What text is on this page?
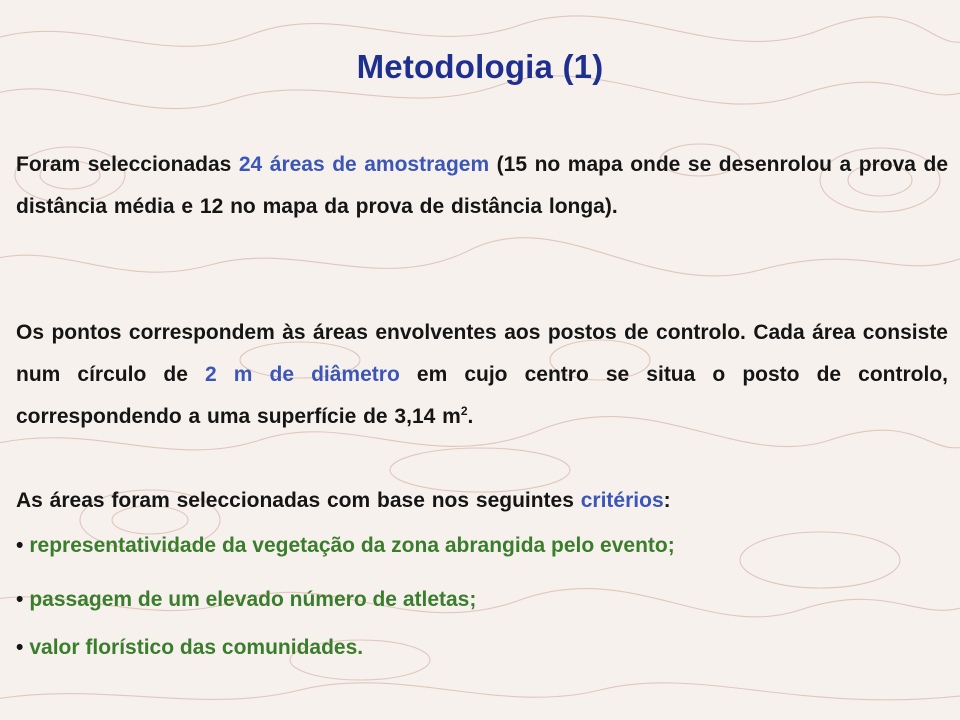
Metodologia (1)
Foram seleccionadas 24 áreas de amostragem (15 no mapa onde se desenrolou a prova de distância média e 12 no mapa da prova de distância longa).
Os pontos correspondem às áreas envolventes aos postos de controlo. Cada área consiste num círculo de 2 m de diâmetro em cujo centro se situa o posto de controlo, correspondendo a uma superfície de 3,14 $m^2$.
As áreas foram seleccionadas com base nos seguintes critérios:
• representatividade da vegetação da zona abrangida pelo evento;
• passagem de um elevado número de atletas;
• valor florístico das comunidades.
